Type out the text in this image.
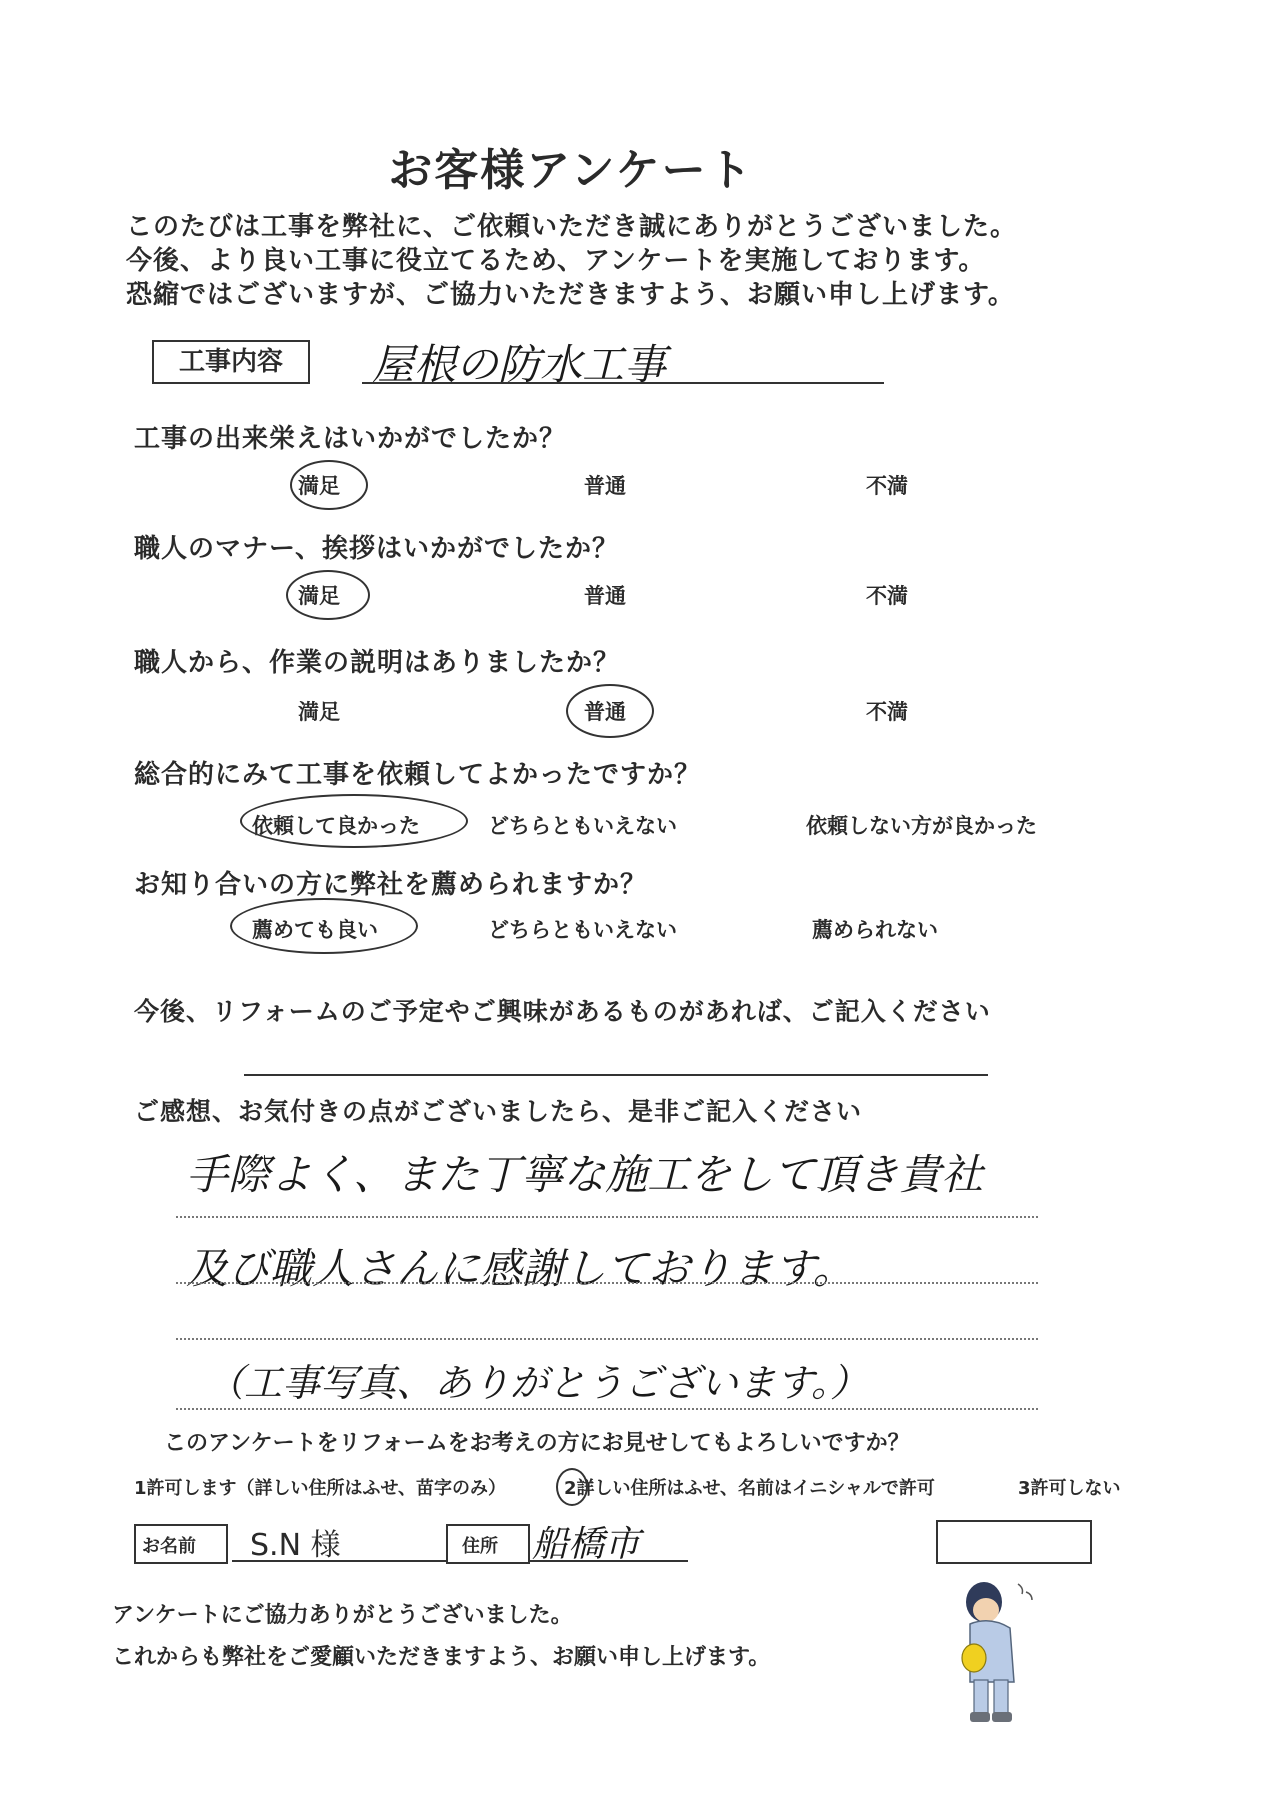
お客様アンケート
このたびは工事を弊社に、ご依頼いただき誠にありがとうございました。
今後、より良い工事に役立てるため、アンケートを実施しております。
恐縮ではございますが、ご協力いただきますよう、お願い申し上げます。
工事内容	屋根の防水工事
工事の出来栄えはいかがでしたか？
満足	普通	不満
職人のマナー、挨拶はいかがでしたか？
満足	普通	不満
職人から、作業の説明はありましたか？
満足	普通	不満
総合的にみて工事を依頼してよかったですか？
依頼して良かった	どちらともいえない	依頼しない方が良かった
お知り合いの方に弊社を薦められますか？
薦めても良い	どちらともいえない	薦められない
今後、リフォームのご予定やご興味があるものがあれば、ご記入ください
ご感想、お気付きの点がございましたら、是非ご記入ください
手際よく、また丁寧な施工をして頂き貴社
及び職人さんに感謝しております。
（工事写真、ありがとうございます。）
このアンケートをリフォームをお考えの方にお見せしてもよろしいですか？
1許可します（詳しい住所はふせ、苗字のみ）	2詳しい住所はふせ、名前はイニシャルで許可	3許可しない
お名前 S.N 様	住所 船橋市
アンケートにご協力ありがとうございました。
これからも弊社をご愛顧いただきますよう、お願い申し上げます。
